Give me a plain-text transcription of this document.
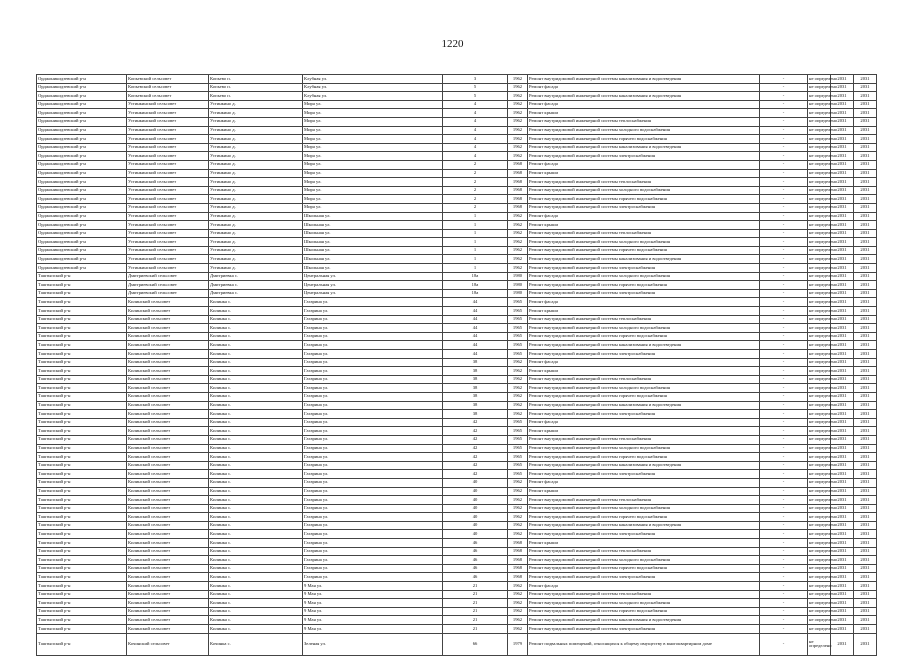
1220
Орджоникидзевский р-н	Копьевский сельсовет	Копьево п.	Клубная ул.	3	1962	Ремонт внутридомовой инженерной системы канализования и водоотведения	-	не определено	2031	2031
Орджоникидзевский р-н	Копьевский сельсовет	Копьево п.	Клубная ул.	5	1962	Ремонт фасада	-	не определено	2031	2031
Орджоникидзевский р-н	Копьевский сельсовет	Копьево п.	Клубная ул.	5	1962	Ремонт внутридомовой инженерной системы канализования и водоотведения	-	не определено	2031	2031
Орджоникидзевский р-н	Устинкинский сельсовет	Устинкино д.	Мира ул.	4	1962	Ремонт фасада	-	не определено	2031	2031
Орджоникидзевский р-н	Устинкинский сельсовет	Устинкино д.	Мира ул.	4	1962	Ремонт крыши	-	не определено	2031	2031
Орджоникидзевский р-н	Устинкинский сельсовет	Устинкино д.	Мира ул.	4	1962	Ремонт внутридомовой инженерной системы теплоснабжения	-	не определено	2031	2031
Орджоникидзевский р-н	Устинкинский сельсовет	Устинкино д.	Мира ул.	4	1962	Ремонт внутридомовой инженерной системы холодного водоснабжения	-	не определено	2031	2031
Орджоникидзевский р-н	Устинкинский сельсовет	Устинкино д.	Мира ул.	4	1962	Ремонт внутридомовой инженерной системы горячего водоснабжения	-	не определено	2031	2031
Орджоникидзевский р-н	Устинкинский сельсовет	Устинкино д.	Мира ул.	4	1962	Ремонт внутридомовой инженерной системы канализования и водоотведения	-	не определено	2031	2031
Орджоникидзевский р-н	Устинкинский сельсовет	Устинкино д.	Мира ул.	4	1962	Ремонт внутридомовой инженерной системы электроснабжения	-	не определено	2031	2031
Орджоникидзевский р-н	Устинкинский сельсовет	Устинкино д.	Мира ул.	2	1968	Ремонт фасада	-	не определено	2031	2031
Орджоникидзевский р-н	Устинкинский сельсовет	Устинкино д.	Мира ул.	2	1968	Ремонт крыши	-	не определено	2031	2031
Орджоникидзевский р-н	Устинкинский сельсовет	Устинкино д.	Мира ул.	2	1968	Ремонт внутридомовой инженерной системы теплоснабжения	-	не определено	2031	2031
Орджоникидзевский р-н	Устинкинский сельсовет	Устинкино д.	Мира ул.	2	1968	Ремонт внутридомовой инженерной системы холодного водоснабжения	-	не определено	2031	2031
Орджоникидзевский р-н	Устинкинский сельсовет	Устинкино д.	Мира ул.	2	1968	Ремонт внутридомовой инженерной системы горячего водоснабжения	-	не определено	2031	2031
Орджоникидзевский р-н	Устинкинский сельсовет	Устинкино д.	Мира ул.	2	1968	Ремонт внутридомовой инженерной системы электроснабжения	-	не определено	2031	2031
Орджоникидзевский р-н	Устинкинский сельсовет	Устинкино д.	Школьная ул.	1	1962	Ремонт фасада	-	не определено	2031	2031
Орджоникидзевский р-н	Устинкинский сельсовет	Устинкино д.	Школьная ул.	1	1962	Ремонт крыши	-	не определено	2031	2031
Орджоникидзевский р-н	Устинкинский сельсовет	Устинкино д.	Школьная ул.	1	1962	Ремонт внутридомовой инженерной системы теплоснабжения	-	не определено	2031	2031
Орджоникидзевский р-н	Устинкинский сельсовет	Устинкино д.	Школьная ул.	1	1962	Ремонт внутридомовой инженерной системы холодного водоснабжения	-	не определено	2031	2031
Орджоникидзевский р-н	Устинкинский сельсовет	Устинкино д.	Школьная ул.	1	1962	Ремонт внутридомовой инженерной системы горячего водоснабжения	-	не определено	2031	2031
Орджоникидзевский р-н	Устинкинский сельсовет	Устинкино д.	Школьная ул.	1	1962	Ремонт внутридомовой инженерной системы канализования и водоотведения	-	не определено	2031	2031
Орджоникидзевский р-н	Устинкинский сельсовет	Устинкино д.	Школьная ул.	1	1962	Ремонт внутридомовой инженерной системы электроснабжения	-	не определено	2031	2031
Таштыпский р-н	Дмитриевский сельсовет	Дмитриевка с.	Центральная ул.	18а	1980	Ремонт внутридомовой инженерной системы холодного водоснабжения	-	не определено	2031	2031
Таштыпский р-н	Дмитриевский сельсовет	Дмитриевка с.	Центральная ул.	18а	1980	Ремонт внутридомовой инженерной системы горячего водоснабжения	-	не определено	2031	2031
Таштыпский р-н	Дмитриевский сельсовет	Дмитриевка с.	Центральная ул.	18а	1980	Ремонт внутридомовой инженерной системы электроснабжения	-	не определено	2031	2031
Таштыпский р-н	Килинский сельсовет	Килинка с.	Гагарина ул.	44	1965	Ремонт фасада	-	не определено	2031	2031
Таштыпский р-н	Килинский сельсовет	Килинка с.	Гагарина ул.	44	1965	Ремонт крыши	-	не определено	2031	2031
Таштыпский р-н	Килинский сельсовет	Килинка с.	Гагарина ул.	44	1965	Ремонт внутридомовой инженерной системы теплоснабжения	-	не определено	2031	2031
Таштыпский р-н	Килинский сельсовет	Килинка с.	Гагарина ул.	44	1965	Ремонт внутридомовой инженерной системы холодного водоснабжения	-	не определено	2031	2031
Таштыпский р-н	Килинский сельсовет	Килинка с.	Гагарина ул.	44	1965	Ремонт внутридомовой инженерной системы горячего водоснабжения	-	не определено	2031	2031
Таштыпский р-н	Килинский сельсовет	Килинка с.	Гагарина ул.	44	1965	Ремонт внутридомовой инженерной системы канализования и водоотведения	-	не определено	2031	2031
Таштыпский р-н	Килинский сельсовет	Килинка с.	Гагарина ул.	44	1965	Ремонт внутридомовой инженерной системы электроснабжения	-	не определено	2031	2031
Таштыпский р-н	Килинский сельсовет	Килинка с.	Гагарина ул.	38	1962	Ремонт фасада	-	не определено	2031	2031
Таштыпский р-н	Килинский сельсовет	Килинка с.	Гагарина ул.	38	1962	Ремонт крыши	-	не определено	2031	2031
Таштыпский р-н	Килинский сельсовет	Килинка с.	Гагарина ул.	38	1962	Ремонт внутридомовой инженерной системы теплоснабжения	-	не определено	2031	2031
Таштыпский р-н	Килинский сельсовет	Килинка с.	Гагарина ул.	38	1962	Ремонт внутридомовой инженерной системы холодного водоснабжения	-	не определено	2031	2031
Таштыпский р-н	Килинский сельсовет	Килинка с.	Гагарина ул.	38	1962	Ремонт внутридомовой инженерной системы горячего водоснабжения	-	не определено	2031	2031
Таштыпский р-н	Килинский сельсовет	Килинка с.	Гагарина ул.	38	1962	Ремонт внутридомовой инженерной системы канализования и водоотведения	-	не определено	2031	2031
Таштыпский р-н	Килинский сельсовет	Килинка с.	Гагарина ул.	38	1962	Ремонт внутридомовой инженерной системы электроснабжения	-	не определено	2031	2031
Таштыпский р-н	Килинский сельсовет	Килинка с.	Гагарина ул.	42	1965	Ремонт фасада	-	не определено	2031	2031
Таштыпский р-н	Килинский сельсовет	Килинка с.	Гагарина ул.	42	1965	Ремонт крыши	-	не определено	2031	2031
Таштыпский р-н	Килинский сельсовет	Килинка с.	Гагарина ул.	42	1965	Ремонт внутридомовой инженерной системы теплоснабжения	-	не определено	2031	2031
Таштыпский р-н	Килинский сельсовет	Килинка с.	Гагарина ул.	42	1965	Ремонт внутридомовой инженерной системы холодного водоснабжения	-	не определено	2031	2031
Таштыпский р-н	Килинский сельсовет	Килинка с.	Гагарина ул.	42	1965	Ремонт внутридомовой инженерной системы горячего водоснабжения	-	не определено	2031	2031
Таштыпский р-н	Килинский сельсовет	Килинка с.	Гагарина ул.	42	1965	Ремонт внутридомовой инженерной системы канализования и водоотведения	-	не определено	2031	2031
Таштыпский р-н	Килинский сельсовет	Килинка с.	Гагарина ул.	42	1965	Ремонт внутридомовой инженерной системы электроснабжения	-	не определено	2031	2031
Таштыпский р-н	Килинский сельсовет	Килинка с.	Гагарина ул.	40	1962	Ремонт фасада	-	не определено	2031	2031
Таштыпский р-н	Килинский сельсовет	Килинка с.	Гагарина ул.	40	1962	Ремонт крыши	-	не определено	2031	2031
Таштыпский р-н	Килинский сельсовет	Килинка с.	Гагарина ул.	40	1962	Ремонт внутридомовой инженерной системы теплоснабжения	-	не определено	2031	2031
Таштыпский р-н	Килинский сельсовет	Килинка с.	Гагарина ул.	40	1962	Ремонт внутридомовой инженерной системы холодного водоснабжения	-	не определено	2031	2031
Таштыпский р-н	Килинский сельсовет	Килинка с.	Гагарина ул.	40	1962	Ремонт внутридомовой инженерной системы горячего водоснабжения	-	не определено	2031	2031
Таштыпский р-н	Килинский сельсовет	Килинка с.	Гагарина ул.	40	1962	Ремонт внутридомовой инженерной системы канализования и водоотведения	-	не определено	2031	2031
Таштыпский р-н	Килинский сельсовет	Килинка с.	Гагарина ул.	40	1962	Ремонт внутридомовой инженерной системы электроснабжения	-	не определено	2031	2031
Таштыпский р-н	Килинский сельсовет	Килинка с.	Гагарина ул.	46	1968	Ремонт крыши	-	не определено	2031	2031
Таштыпский р-н	Килинский сельсовет	Килинка с.	Гагарина ул.	46	1968	Ремонт внутридомовой инженерной системы теплоснабжения	-	не определено	2031	2031
Таштыпский р-н	Килинский сельсовет	Килинка с.	Гагарина ул.	46	1968	Ремонт внутридомовой инженерной системы холодного водоснабжения	-	не определено	2031	2031
Таштыпский р-н	Килинский сельсовет	Килинка с.	Гагарина ул.	46	1968	Ремонт внутридомовой инженерной системы горячего водоснабжения	-	не определено	2031	2031
Таштыпский р-н	Килинский сельсовет	Килинка с.	Гагарина ул.	46	1968	Ремонт внутридомовой инженерной системы электроснабжения	-	не определено	2031	2031
Таштыпский р-н	Килинский сельсовет	Килинка с.	9 Мая ул.	21	1962	Ремонт фасада	-	не определено	2031	2031
Таштыпский р-н	Килинский сельсовет	Килинка с.	9 Мая ул.	21	1962	Ремонт внутридомовой инженерной системы теплоснабжения	-	не определено	2031	2031
Таштыпский р-н	Килинский сельсовет	Килинка с.	9 Мая ул.	21	1962	Ремонт внутридомовой инженерной системы холодного водоснабжения	-	не определено	2031	2031
Таштыпский р-н	Килинский сельсовет	Килинка с.	9 Мая ул.	21	1962	Ремонт внутридомовой инженерной системы горячего водоснабжения	-	не определено	2031	2031
Таштыпский р-н	Килинский сельсовет	Килинка с.	9 Мая ул.	21	1962	Ремонт внутридомовой инженерной системы канализования и водоотведения	-	не определено	2031	2031
Таштыпский р-н	Килинский сельсовет	Килинка с.	9 Мая ул.	21	1962	Ремонт внутридомовой инженерной системы электроснабжения	-	не определено	2031	2031
Таштыпский р-н	Кочинский сельсовет	Кочинка с.	Зеленая ул.	66	1979	Ремонт подвальных помещений, относящихся к общему имуществу в многоквартирном доме	-	не определено	2031	2031
